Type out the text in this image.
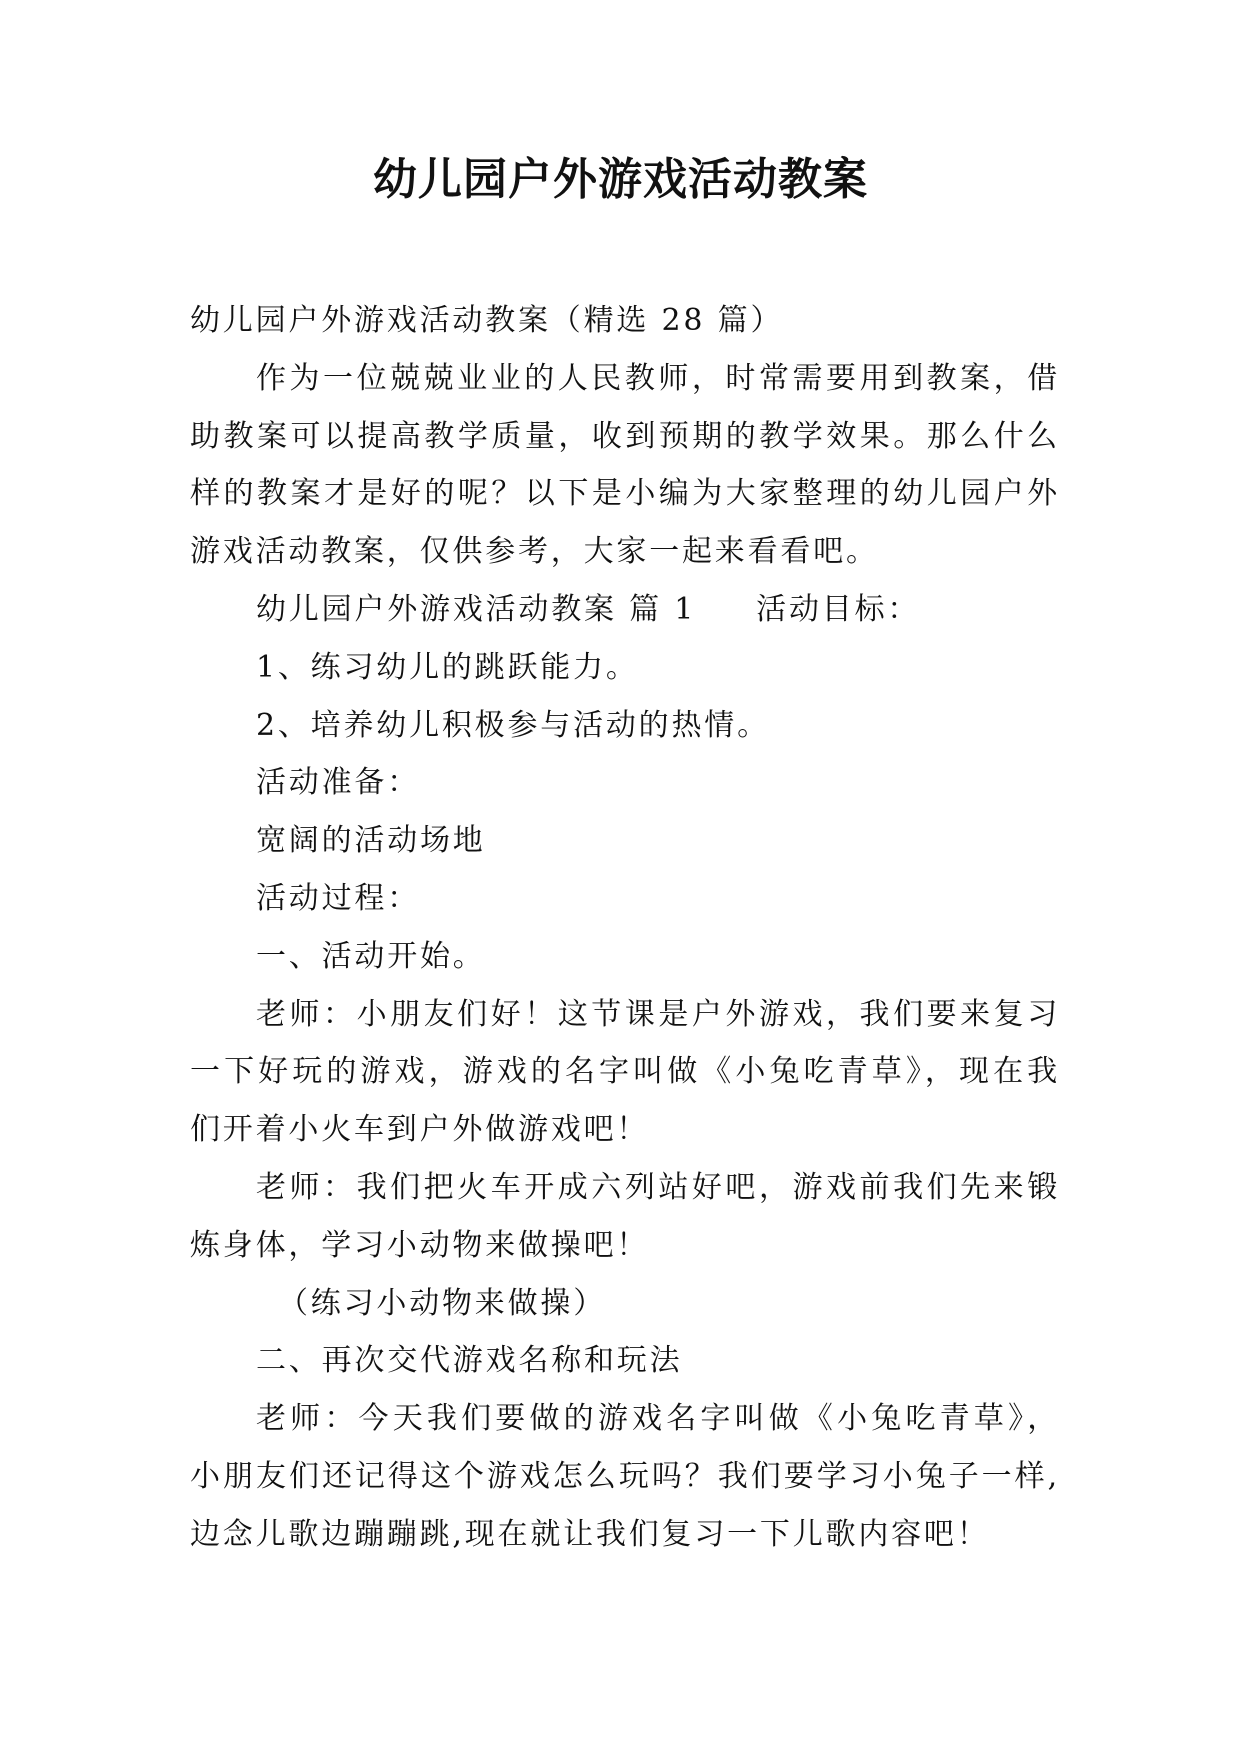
幼儿园户外游戏活动教案

幼儿园户外游戏活动教案（精选 28 篇）

作为一位兢兢业业的人民教师，时常需要用到教案，借助教案可以提高教学质量，收到预期的教学效果。那么什么样的教案才是好的呢？以下是小编为大家整理的幼儿园户外游戏活动教案，仅供参考，大家一起来看看吧。

幼儿园户外游戏活动教案 篇 1 活动目标：

1、练习幼儿的跳跃能力。

2、培养幼儿积极参与活动的热情。

活动准备：

宽阔的活动场地

活动过程：

一、活动开始。

老师：小朋友们好！这节课是户外游戏，我们要来复习一下好玩的游戏，游戏的名字叫做《小兔吃青草》，现在我们开着小火车到户外做游戏吧！

老师：我们把火车开成六列站好吧，游戏前我们先来锻炼身体，学习小动物来做操吧！

（练习小动物来做操）

二、再次交代游戏名称和玩法

老师：今天我们要做的游戏名字叫做《小兔吃青草》，小朋友们还记得这个游戏怎么玩吗？我们要学习小兔子一样,边念儿歌边蹦蹦跳,现在就让我们复习一下儿歌内容吧！
